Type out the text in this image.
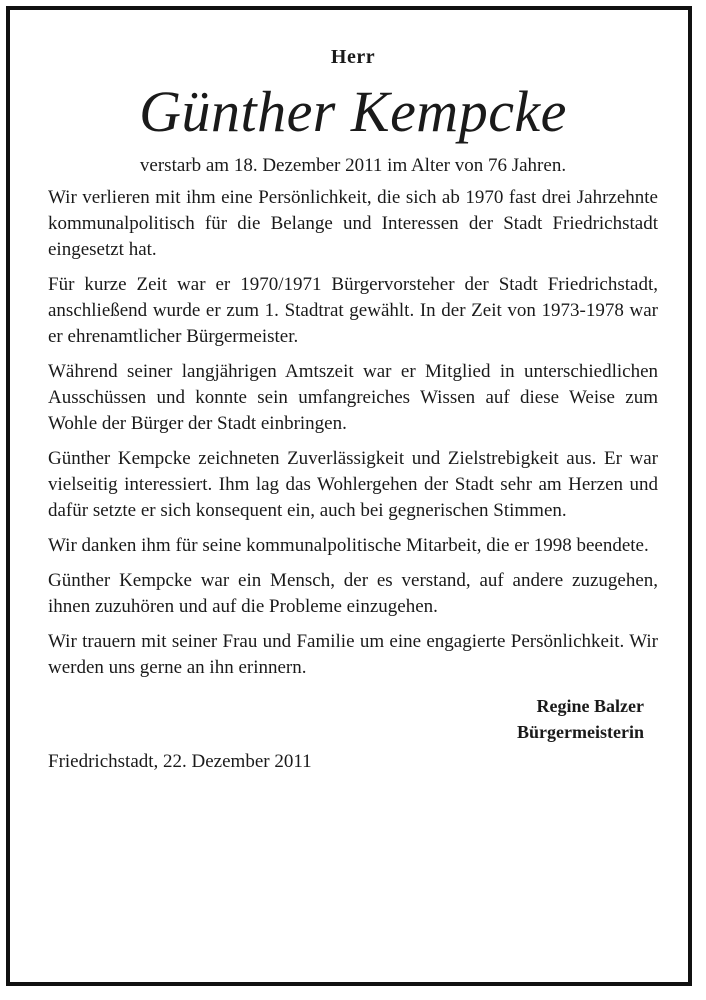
Herr
Günther Kempcke
verstarb am 18. Dezember 2011 im Alter von 76 Jahren.

Wir verlieren mit ihm eine Persönlichkeit, die sich ab 1970 fast drei Jahrzehnte kommunalpolitisch für die Belange und Interessen der Stadt Friedrichstadt eingesetzt hat.

Für kurze Zeit war er 1970/1971 Bürgervorsteher der Stadt Friedrichstadt, anschließend wurde er zum 1. Stadtrat gewählt. In der Zeit von 1973-1978 war er ehrenamtlicher Bürgermeister.

Während seiner langjährigen Amtszeit war er Mitglied in unterschiedlichen Ausschüssen und konnte sein umfangreiches Wissen auf diese Weise zum Wohle der Bürger der Stadt einbringen.

Günther Kempcke zeichneten Zuverlässigkeit und Zielstrebigkeit aus. Er war vielseitig interessiert. Ihm lag das Wohlergehen der Stadt sehr am Herzen und dafür setzte er sich konsequent ein, auch bei gegnerischen Stimmen.

Wir danken ihm für seine kommunalpolitische Mitarbeit, die er 1998 beendete.

Günther Kempcke war ein Mensch, der es verstand, auf andere zuzugehen, ihnen zuzuhören und auf die Probleme einzugehen.

Wir trauern mit seiner Frau und Familie um eine engagierte Persönlichkeit. Wir werden uns gerne an ihn erinnern.

Regine Balzer
Bürgermeisterin
Friedrichstadt, 22. Dezember 2011
